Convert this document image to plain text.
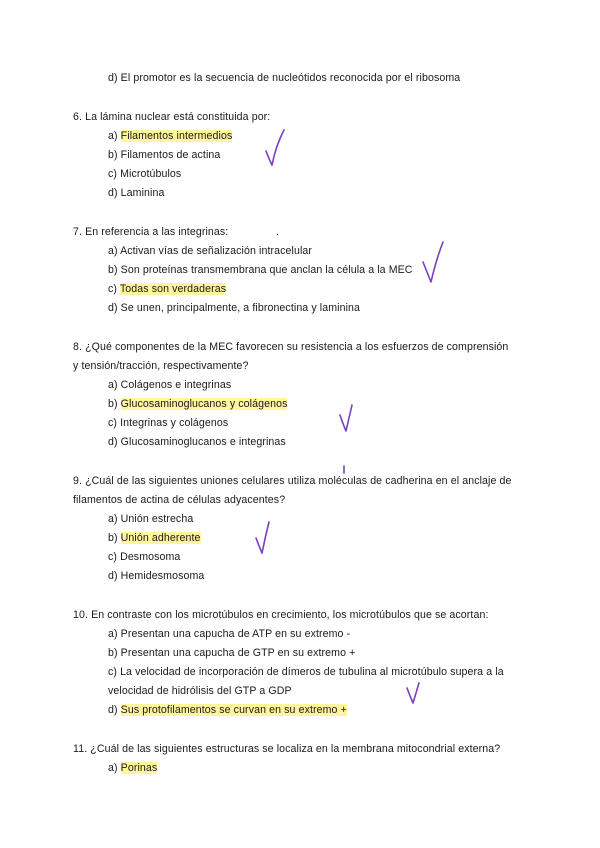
d) El promotor es la secuencia de nucleótidos reconocida por el ribosoma
6. La lámina nuclear está constituida por:
a) Filamentos intermedios
b) Filamentos de actina
c) Microtúbulos
d) Laminina
7. En referencia a las integrinas:	.
a) Activan vías de señalización intracelular
b) Son proteínas transmembrana que anclan la célula a la MEC
c) Todas son verdaderas
d) Se unen, principalmente, a fibronectina y laminina
8. ¿Qué componentes de la MEC favorecen su resistencia a los esfuerzos de comprensión
y tensión/tracción, respectivamente?
a) Colágenos e integrinas
b) Glucosaminoglucanos y colágenos
c) Integrinas y colágenos
d) Glucosaminoglucanos e integrinas
9. ¿Cuál de las siguientes uniones celulares utiliza moléculas de cadherina en el anclaje de
filamentos de actina de células adyacentes?
a) Unión estrecha
b) Unión adherente
c) Desmosoma
d) Hemidesmosoma
10. En contraste con los microtúbulos en crecimiento, los microtúbulos que se acortan:
a) Presentan una capucha de ATP en su extremo -
b) Presentan una capucha de GTP en su extremo +
c) La velocidad de incorporación de dímeros de tubulina al microtúbulo supera a la
velocidad de hidrólisis del GTP a GDP
d) Sus protofilamentos se curvan en su extremo +
11. ¿Cuál de las siguientes estructuras se localiza en la membrana mitocondrial externa?
a) Porinas
